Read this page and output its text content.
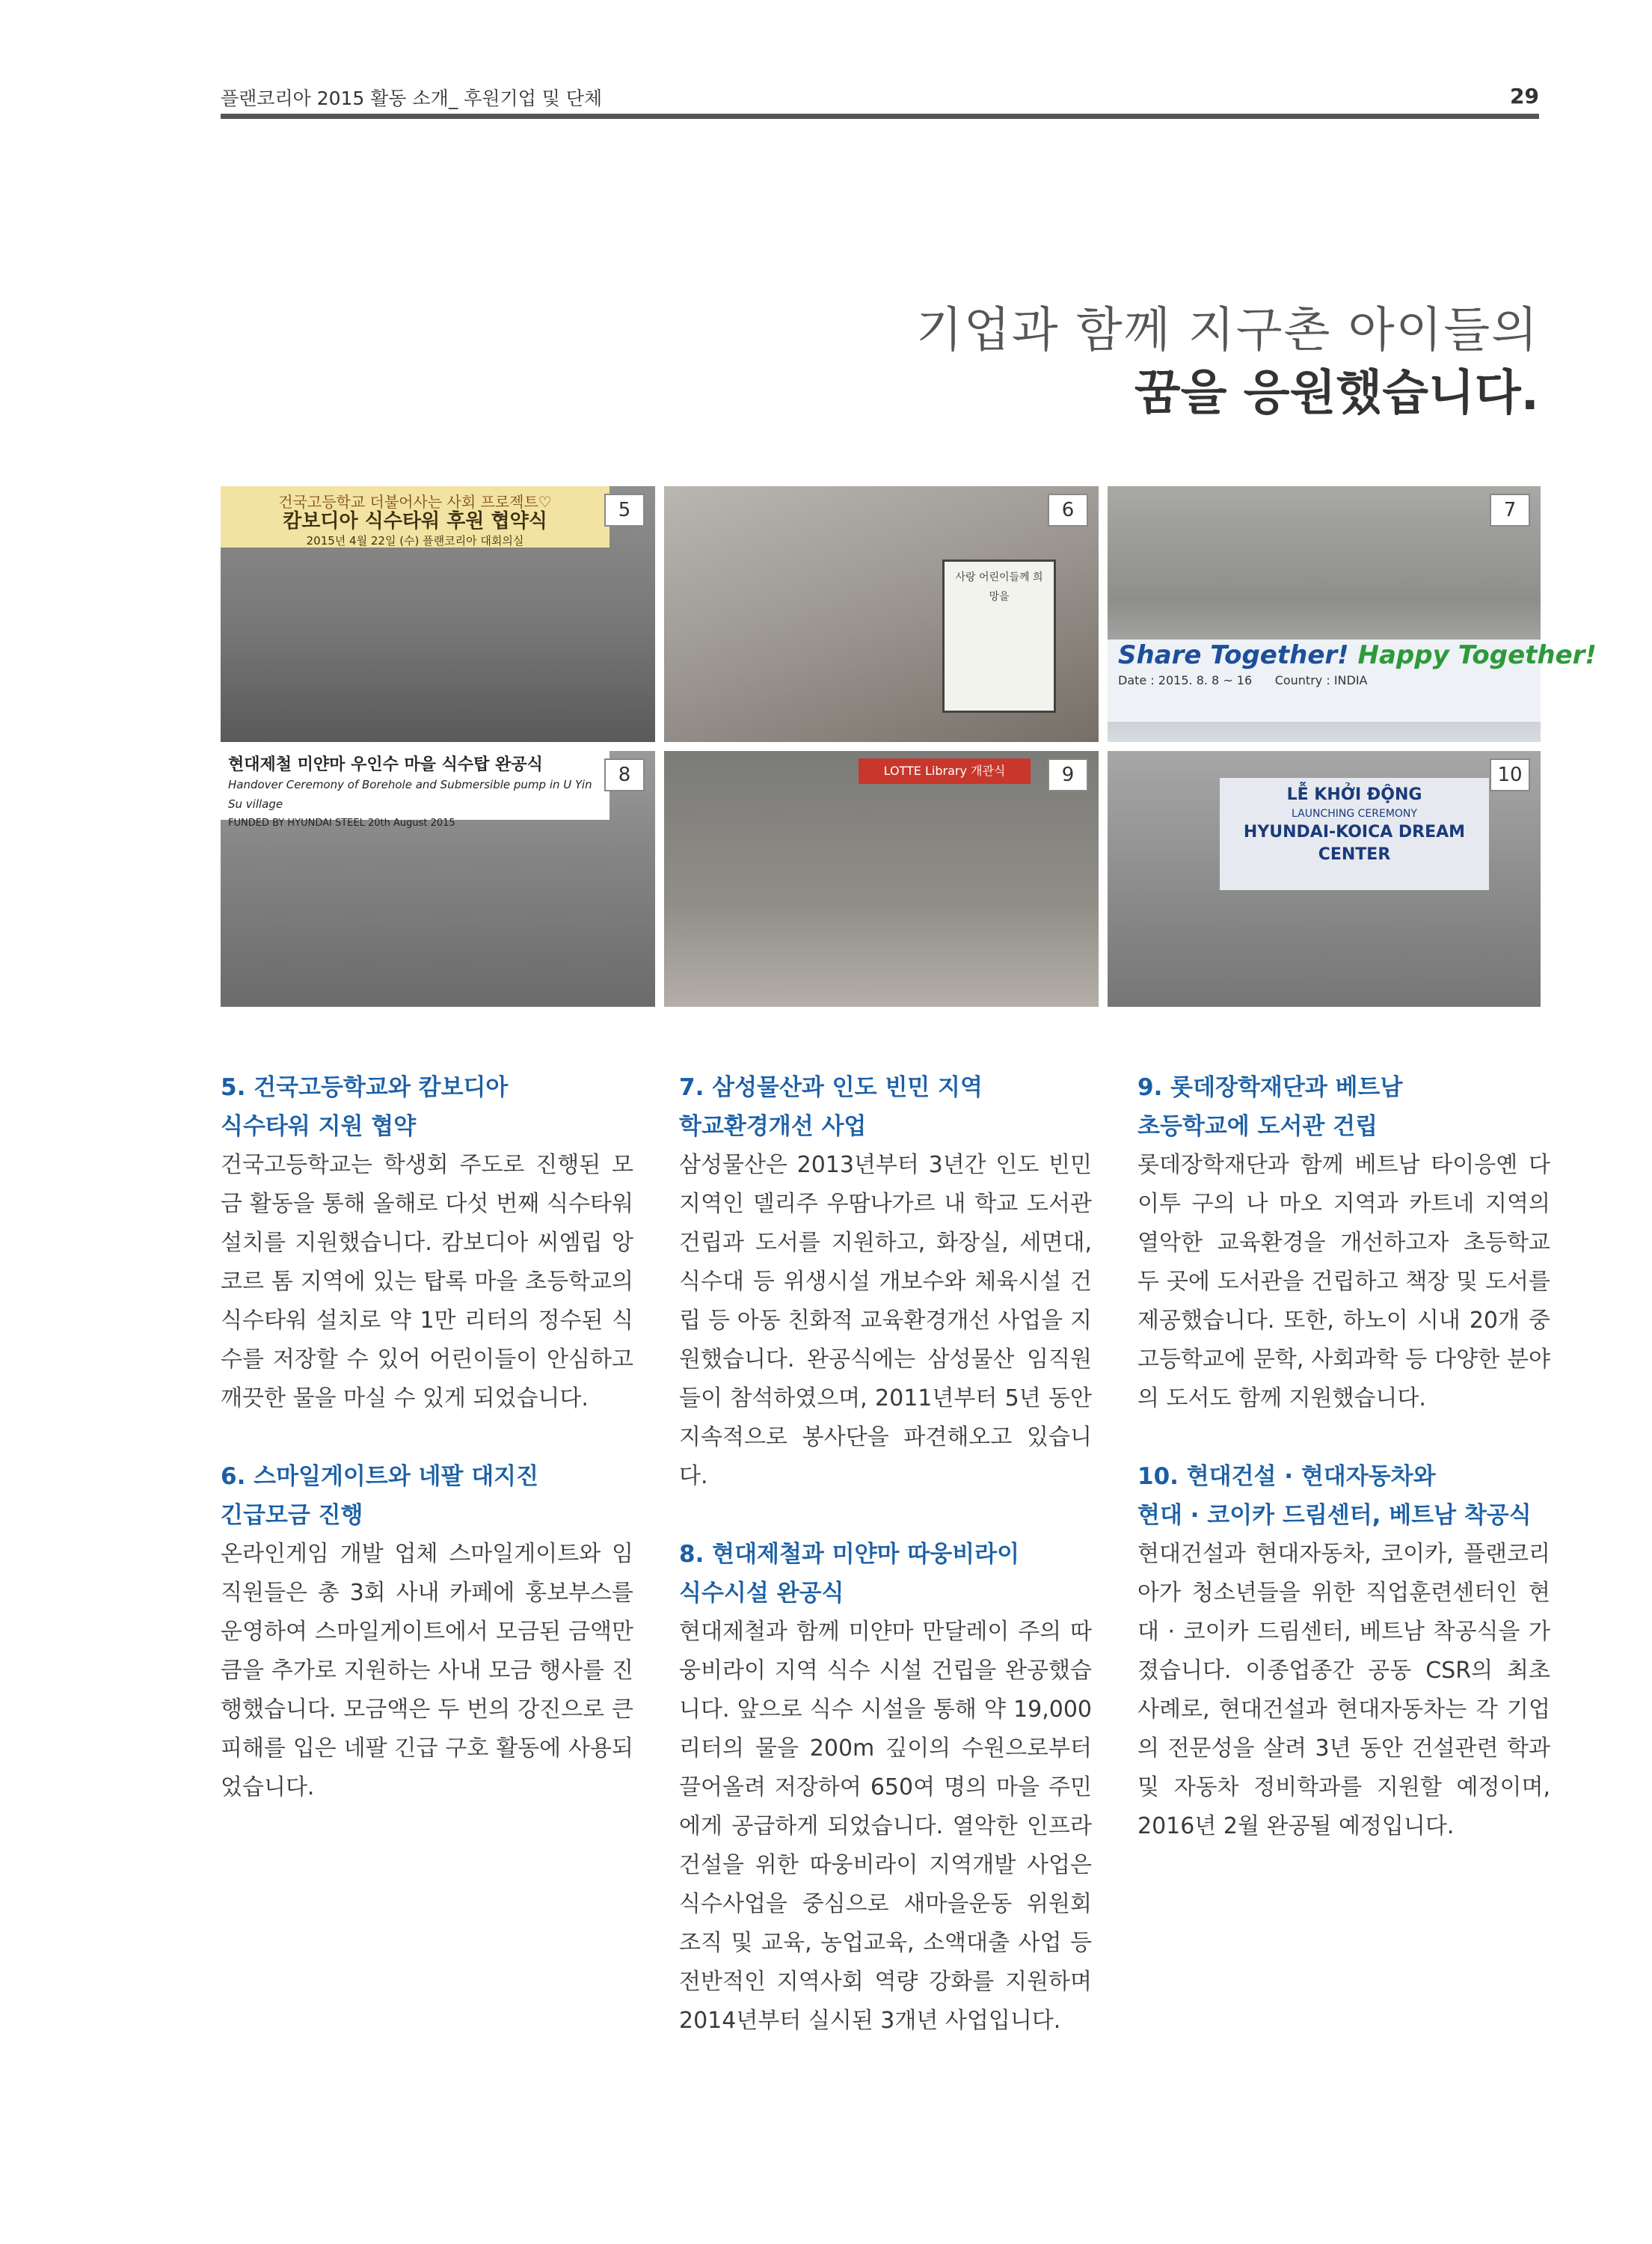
플랜코리아 2015 활동 소개_ 후원기업 및 단체	29
기업과 함께 지구촌 아이들의
꿈을 응원했습니다.
건국고등학교 더불어사는 사회 프로젝트♡
캄보디아 식수타워 후원 협약식
2015년 4월 22일 (수) 플랜코리아 대회의실
5
사랑 어린이들께 희망을
6
Share Together! Happy Together!
Date : 2015. 8. 8 ~ 16 Country : INDIA
7
현대제철 미얀마 우인수 마을 식수탑 완공식
Handover Ceremony of Borehole and Submersible pump in U Yin Su village
FUNDED BY HYUNDAI STEEL 20th August 2015
8	LOTTE Library 개관식	9
LỄ KHỞI ĐỘNG
LAUNCHING CEREMONY
HYUNDAI-KOICA DREAM CENTER
10
5. 건국고등학교와 캄보디아
식수타워 지원 협약

건국고등학교는 학생회 주도로 진행된 모금 활동을 통해 올해로 다섯 번째 식수타워 설치를 지원했습니다. 캄보디아 씨엠립 앙코르 톰 지역에 있는 탑록 마을 초등학교의 식수타워 설치로 약 1만 리터의 정수된 식수를 저장할 수 있어 어린이들이 안심하고 깨끗한 물을 마실 수 있게 되었습니다.

6. 스마일게이트와 네팔 대지진
긴급모금 진행

온라인게임 개발 업체 스마일게이트와 임직원들은 총 3회 사내 카페에 홍보부스를 운영하여 스마일게이트에서 모금된 금액만큼을 추가로 지원하는 사내 모금 행사를 진행했습니다. 모금액은 두 번의 강진으로 큰 피해를 입은 네팔 긴급 구호 활동에 사용되었습니다.

7. 삼성물산과 인도 빈민 지역
학교환경개선 사업

삼성물산은 2013년부터 3년간 인도 빈민 지역인 델리주 우땀나가르 내 학교 도서관 건립과 도서를 지원하고, 화장실, 세면대, 식수대 등 위생시설 개보수와 체육시설 건립 등 아동 친화적 교육환경개선 사업을 지원했습니다. 완공식에는 삼성물산 임직원들이 참석하였으며, 2011년부터 5년 동안 지속적으로 봉사단을 파견해오고 있습니다.

8. 현대제철과 미얀마 따웅비라이
식수시설 완공식

현대제철과 함께 미얀마 만달레이 주의 따웅비라이 지역 식수 시설 건립을 완공했습니다. 앞으로 식수 시설을 통해 약 19,000리터의 물을 200m 깊이의 수원으로부터 끌어올려 저장하여 650여 명의 마을 주민에게 공급하게 되었습니다. 열악한 인프라 건설을 위한 따웅비라이 지역개발 사업은 식수사업을 중심으로 새마을운동 위원회 조직 및 교육, 농업교육, 소액대출 사업 등 전반적인 지역사회 역량 강화를 지원하며 2014년부터 실시된 3개년 사업입니다.

9. 롯데장학재단과 베트남
초등학교에 도서관 건립

롯데장학재단과 함께 베트남 타이응옌 다이투 구의 나 마오 지역과 카트네 지역의 열악한 교육환경을 개선하고자 초등학교 두 곳에 도서관을 건립하고 책장 및 도서를 제공했습니다. 또한, 하노이 시내 20개 중고등학교에 문학, 사회과학 등 다양한 분야의 도서도 함께 지원했습니다.

10. 현대건설 · 현대자동차와
현대 · 코이카 드림센터, 베트남 착공식

현대건설과 현대자동차, 코이카, 플랜코리아가 청소년들을 위한 직업훈련센터인 현대 · 코이카 드림센터, 베트남 착공식을 가졌습니다. 이종업종간 공동 CSR의 최초 사례로, 현대건설과 현대자동차는 각 기업의 전문성을 살려 3년 동안 건설관련 학과 및 자동차 정비학과를 지원할 예정이며, 2016년 2월 완공될 예정입니다.
